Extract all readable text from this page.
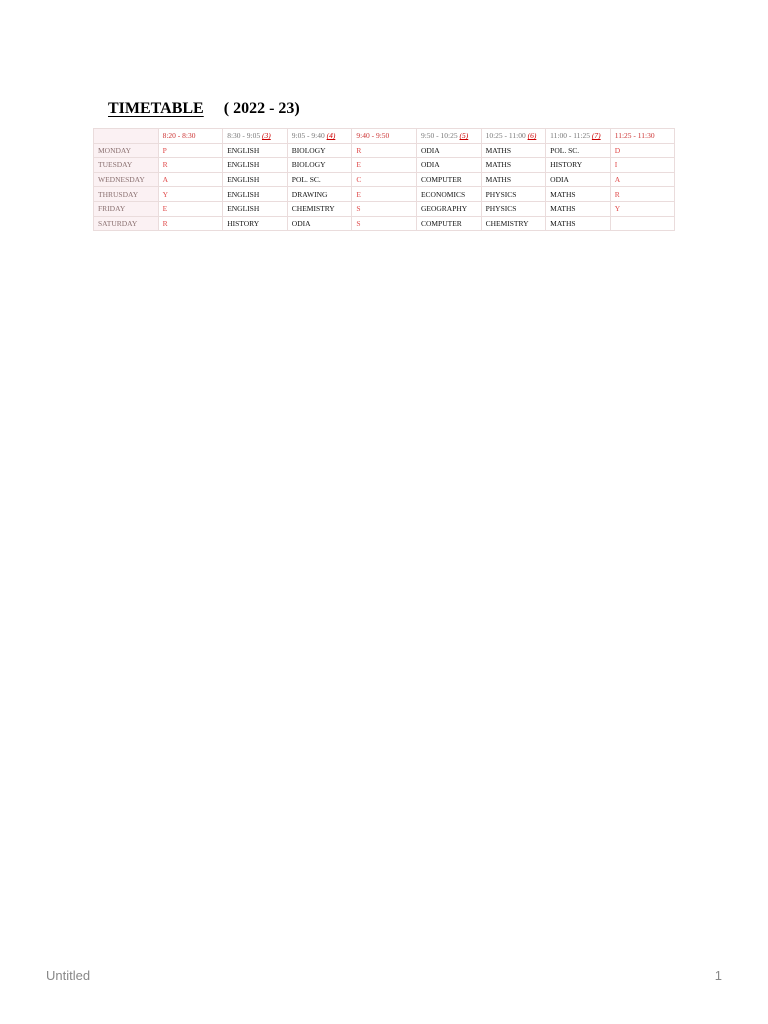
TIMETABLE ( 2022 - 23)
	8:20 - 8:30	8:30 - 9:05 (3)	9:05 - 9:40 (4)	9:40 - 9:50	9:50 - 10:25 (5)	10:25 - 11:00 (6)	11:00 - 11:25 (7)	11:25 - 11:30
MONDAY	P	ENGLISH	BIOLOGY	R	ODIA	MATHS	POL. SC.	D
TUESDAY	R	ENGLISH	BIOLOGY	E	ODIA	MATHS	HISTORY	I
WEDNESDAY	A	ENGLISH	POL. SC.	C	COMPUTER	MATHS	ODIA	A
THRUSDAY	Y	ENGLISH	DRAWING	E	ECONOMICS	PHYSICS	MATHS	R
FRIDAY	E	ENGLISH	CHEMISTRY	S	GEOGRAPHY	PHYSICS	MATHS	Y
SATURDAY	R	HISTORY	ODIA	S	COMPUTER	CHEMISTRY	MATHS	
Untitled	1
